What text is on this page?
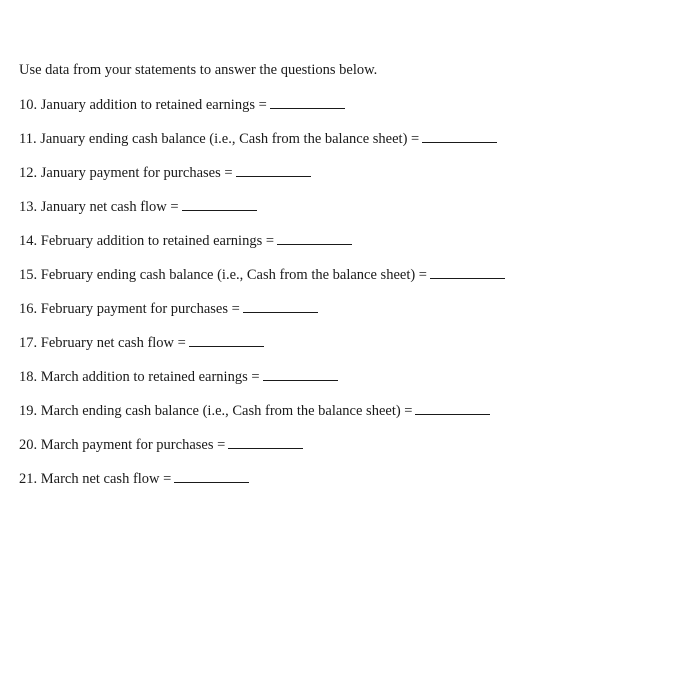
Use data from your statements to answer the questions below.

10. January addition to retained earnings =
11. January ending cash balance (i.e., Cash from the balance sheet) =
12. January payment for purchases =
13. January net cash flow =
14. February addition to retained earnings =
15. February ending cash balance (i.e., Cash from the balance sheet) =
16. February payment for purchases =
17. February net cash flow =
18. March addition to retained earnings =
19. March ending cash balance (i.e., Cash from the balance sheet) =
20. March payment for purchases =
21. March net cash flow =
